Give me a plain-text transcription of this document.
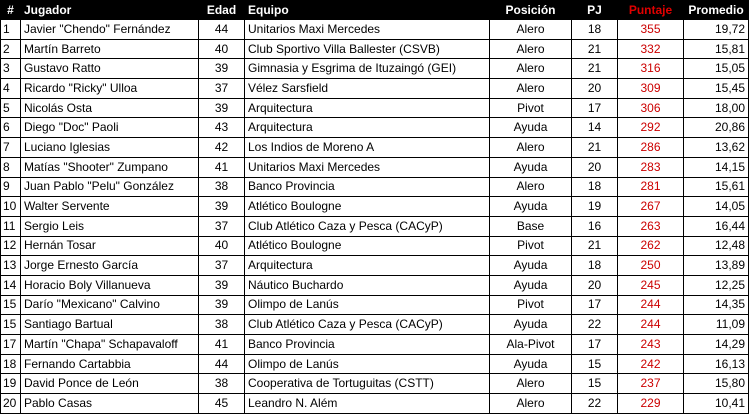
#	Jugador	Edad	Equipo	Posición	PJ	Puntaje	Promedio
1	Javier "Chendo" Fernández	44	Unitarios Maxi Mercedes	Alero	18	355	19,72
2	Martín Barreto	40	Club Sportivo Villa Ballester (CSVB)	Alero	21	332	15,81
3	Gustavo Ratto	39	Gimnasia y Esgrima de Ituzaingó (GEI)	Alero	21	316	15,05
4	Ricardo "Ricky" Ulloa	37	Vélez Sarsfield	Alero	20	309	15,45
5	Nicolás Osta	39	Arquitectura	Pivot	17	306	18,00
6	Diego "Doc" Paoli	43	Arquitectura	Ayuda	14	292	20,86
7	Luciano Iglesias	42	Los Indios de Moreno A	Alero	21	286	13,62
8	Matías "Shooter" Zumpano	41	Unitarios Maxi Mercedes	Ayuda	20	283	14,15
9	Juan Pablo "Pelu" González	38	Banco Provincia	Alero	18	281	15,61
10	Walter Servente	39	Atlético Boulogne	Ayuda	19	267	14,05
11	Sergio Leis	37	Club Atlético Caza y Pesca (CACyP)	Base	16	263	16,44
12	Hernán Tosar	40	Atlético Boulogne	Pivot	21	262	12,48
13	Jorge Ernesto García	37	Arquitectura	Ayuda	18	250	13,89
14	Horacio Boly Villanueva	39	Náutico Buchardo	Ayuda	20	245	12,25
15	Darío "Mexicano" Calvino	39	Olimpo de Lanús	Pivot	17	244	14,35
15	Santiago Bartual	38	Club Atlético Caza y Pesca (CACyP)	Ayuda	22	244	11,09
17	Martín "Chapa" Schapavaloff	41	Banco Provincia	Ala-Pivot	17	243	14,29
18	Fernando Cartabbia	44	Olimpo de Lanús	Ayuda	15	242	16,13
19	David Ponce de León	38	Cooperativa de Tortuguitas (CSTT)	Alero	15	237	15,80
20	Pablo Casas	45	Leandro N. Além	Alero	22	229	10,41
